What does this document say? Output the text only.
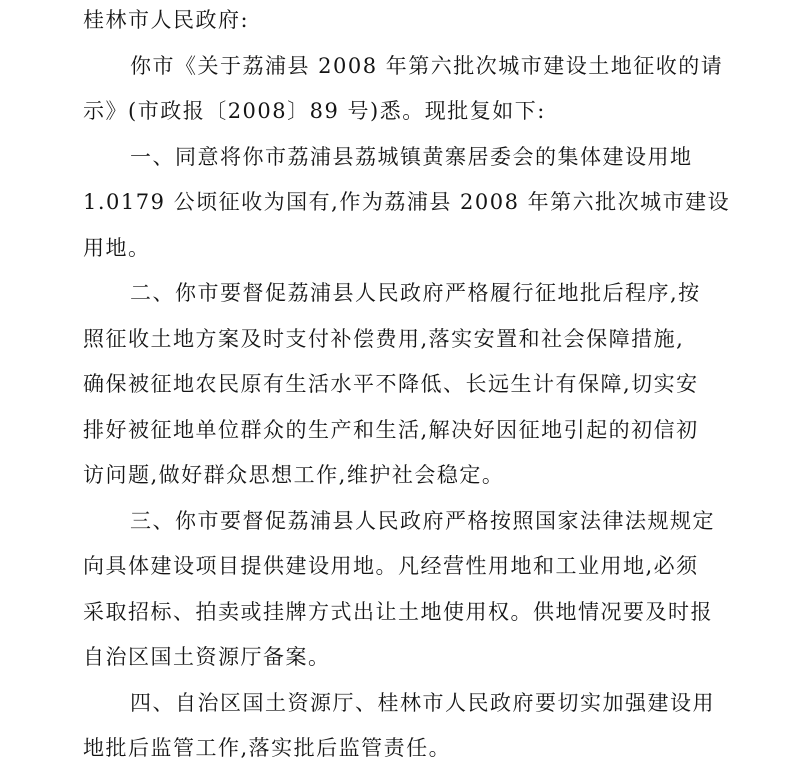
桂林市人民政府:
你市《关于荔浦县 2008 年第六批次城市建设土地征收的请
示》(市政报〔2008〕89 号)悉。现批复如下:
一、同意将你市荔浦县荔城镇黄寨居委会的集体建设用地
1.0179 公顷征收为国有,作为荔浦县 2008 年第六批次城市建设
用地。
二、你市要督促荔浦县人民政府严格履行征地批后程序,按
照征收土地方案及时支付补偿费用,落实安置和社会保障措施,
确保被征地农民原有生活水平不降低、长远生计有保障,切实安
排好被征地单位群众的生产和生活,解决好因征地引起的初信初
访问题,做好群众思想工作,维护社会稳定。
三、你市要督促荔浦县人民政府严格按照国家法律法规规定
向具体建设项目提供建设用地。凡经营性用地和工业用地,必须
采取招标、拍卖或挂牌方式出让土地使用权。供地情况要及时报
自治区国土资源厅备案。
四、自治区国土资源厅、桂林市人民政府要切实加强建设用
地批后监管工作,落实批后监管责任。
